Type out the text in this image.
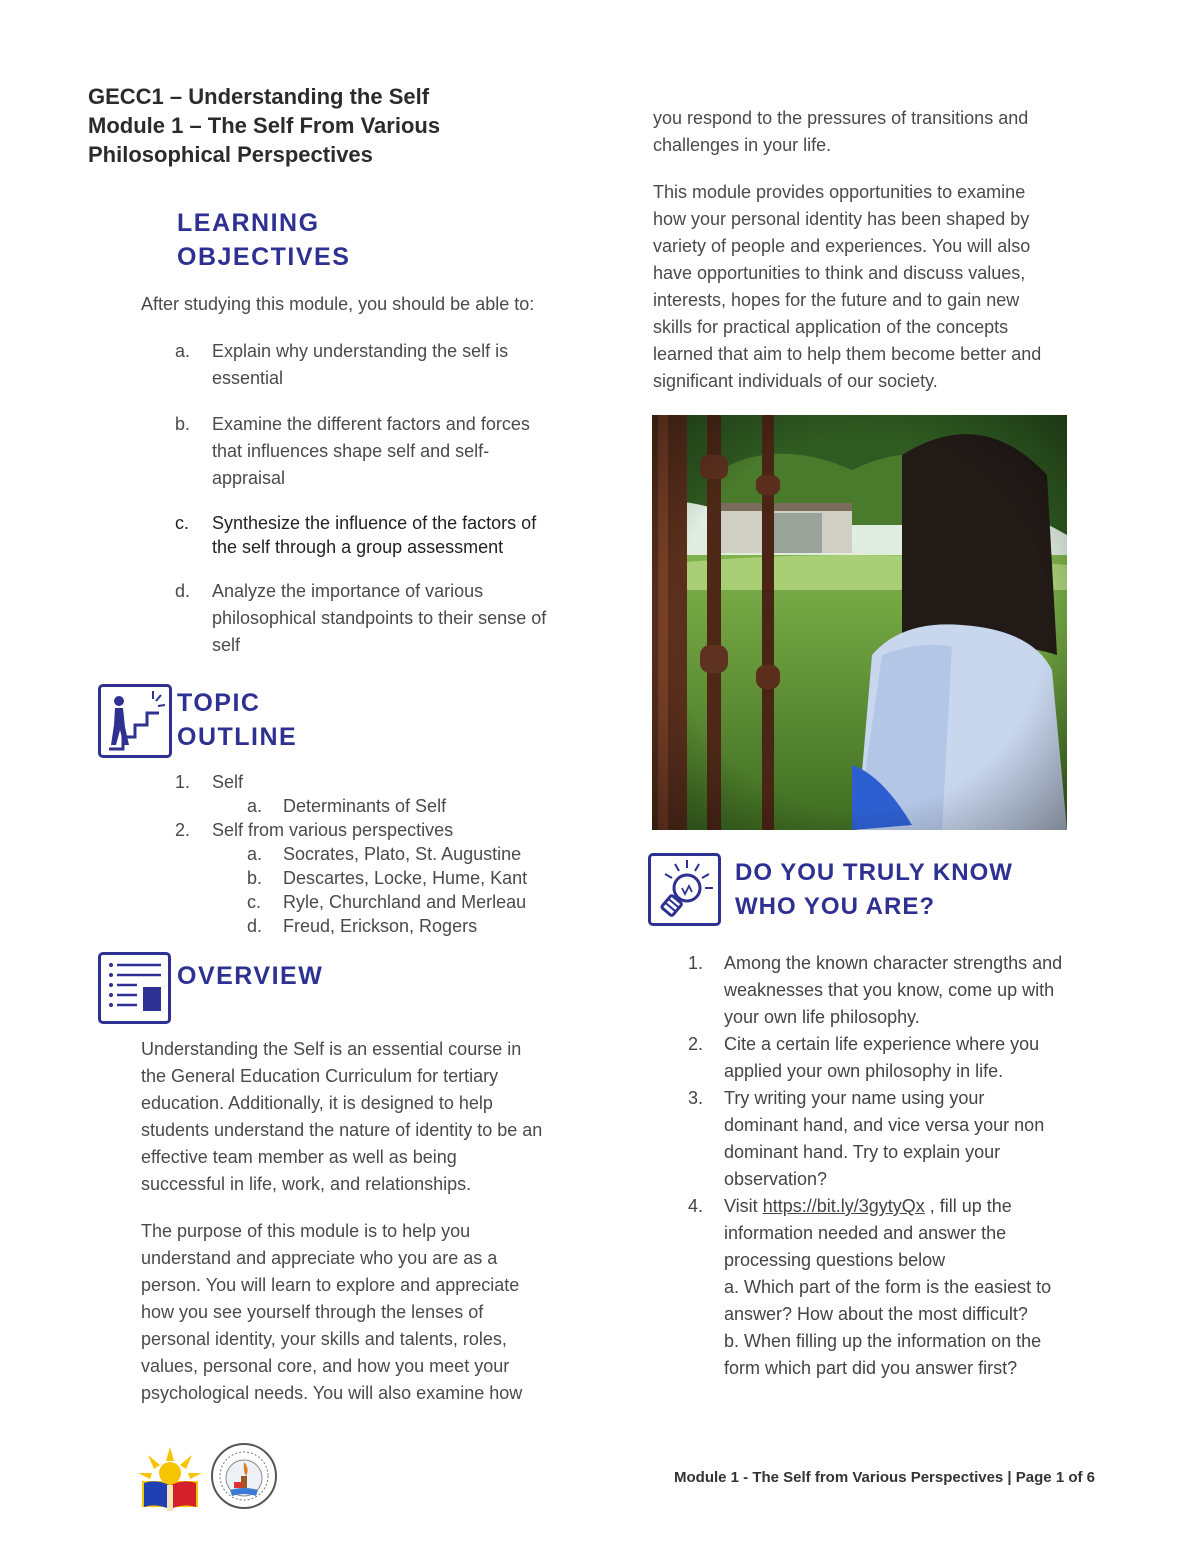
GECC1 – Understanding the Self
Module 1 – The Self From Various
Philosophical Perspectives
LEARNING
OBJECTIVES
After studying this module, you should be able to:
a. Explain why understanding the self is
essential
b. Examine the different factors and forces
that influences shape self and self-
appraisal
c. Synthesize the influence of the factors of
the self through a group assessment
d. Analyze the importance of various
philosophical standpoints to their sense of
self
TOPIC
OUTLINE
1. Self
a. Determinants of Self
2. Self from various perspectives
a. Socrates, Plato, St. Augustine
b. Descartes, Locke, Hume, Kant
c. Ryle, Churchland and Merleau
d. Freud, Erickson, Rogers
OVERVIEW
Understanding the Self is an essential course in
the General Education Curriculum for tertiary
education. Additionally, it is designed to help
students understand the nature of identity to be an
effective team member as well as being
successful in life, work, and relationships.
The purpose of this module is to help you
understand and appreciate who you are as a
person. You will learn to explore and appreciate
how you see yourself through the lenses of
personal identity, your skills and talents, roles,
values, personal core, and how you meet your
psychological needs. You will also examine how
you respond to the pressures of transitions and
challenges in your life.
This module provides opportunities to examine
how your personal identity has been shaped by
variety of people and experiences. You will also
have opportunities to think and discuss values,
interests, hopes for the future and to gain new
skills for practical application of the concepts
learned that aim to help them become better and
significant individuals of our society.
DO YOU TRULY KNOW
WHO YOU ARE?
1. Among the known character strengths and
weaknesses that you know, come up with
your own life philosophy.
2. Cite a certain life experience where you
applied your own philosophy in life.
3. Try writing your name using your
dominant hand, and vice versa your non
dominant hand. Try to explain your
observation?
4. Visit https://bit.ly/3gytyQx , fill up the
information needed and answer the
processing questions below
a. Which part of the form is the easiest to
answer? How about the most difficult?
b. When filling up the information on the
form which part did you answer first?
Module 1 - The Self from Various Perspectives | Page 1 of 6
